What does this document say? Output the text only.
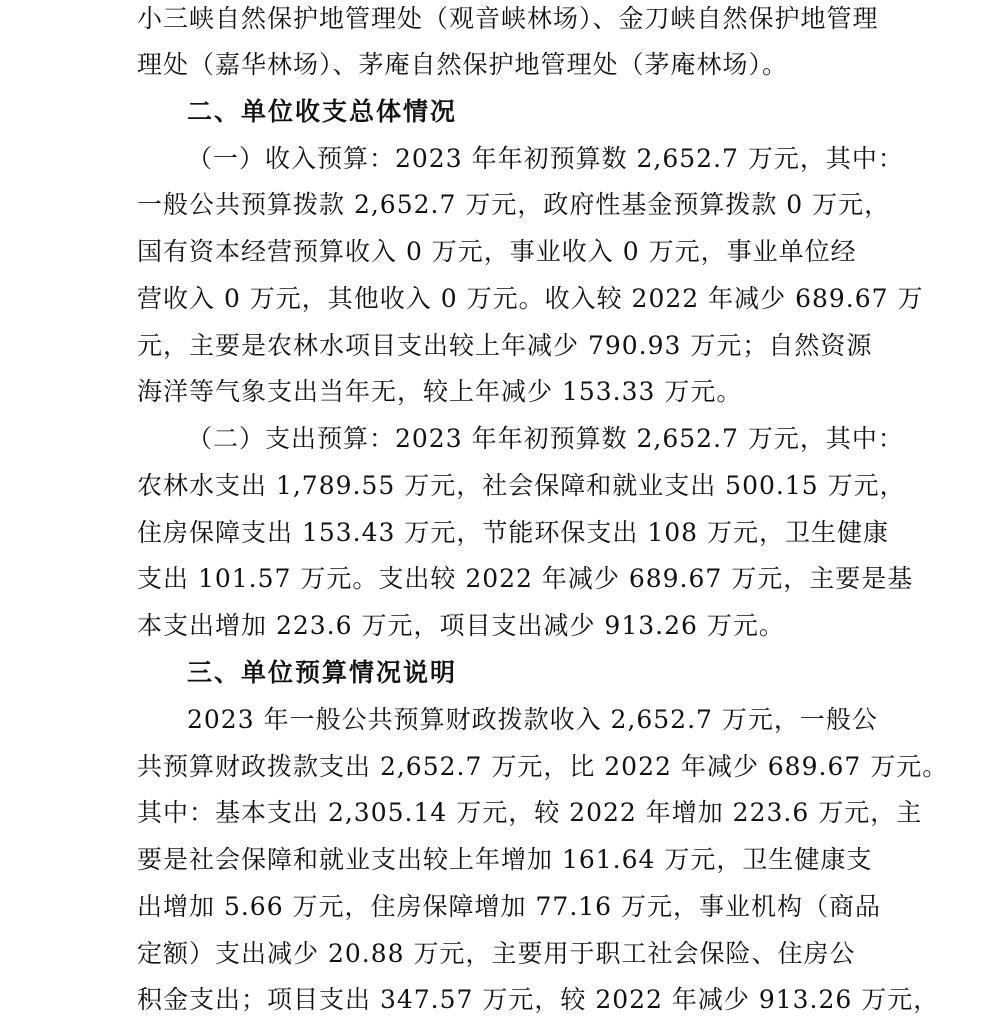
小三峡自然保护地管理处（观音峡林场）、金刀峡自然保护地管理
理处（嘉华林场）、茅庵自然保护地管理处（茅庵林场）。
二、单位收支总体情况
（一）收入预算：2023 年年初预算数 2,652.7 万元，其中：
一般公共预算拨款 2,652.7 万元，政府性基金预算拨款 0 万元，
国有资本经营预算收入 0 万元，事业收入 0 万元，事业单位经
营收入 0 万元，其他收入 0 万元。收入较 2022 年减少 689.67 万
元，主要是农林水项目支出较上年减少 790.93 万元；自然资源
海洋等气象支出当年无，较上年减少 153.33 万元。
（二）支出预算：2023 年年初预算数 2,652.7 万元，其中：
农林水支出 1,789.55 万元，社会保障和就业支出 500.15 万元，
住房保障支出 153.43 万元，节能环保支出 108 万元，卫生健康
支出 101.57 万元。支出较 2022 年减少 689.67 万元，主要是基
本支出增加 223.6 万元，项目支出减少 913.26 万元。
三、单位预算情况说明
2023 年一般公共预算财政拨款收入 2,652.7 万元，一般公
共预算财政拨款支出 2,652.7 万元，比 2022 年减少 689.67 万元。
其中：基本支出 2,305.14 万元，较 2022 年增加 223.6 万元，主
要是社会保障和就业支出较上年增加 161.64 万元，卫生健康支
出增加 5.66 万元，住房保障增加 77.16 万元，事业机构（商品
定额）支出减少 20.88 万元，主要用于职工社会保险、住房公
积金支出；项目支出 347.57 万元，较 2022 年减少 913.26 万元，
